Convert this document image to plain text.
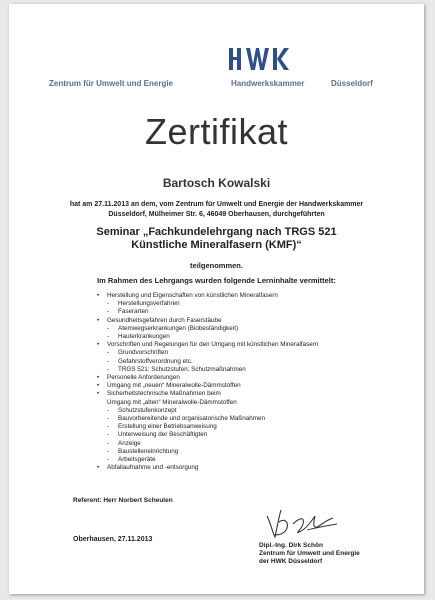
Zentrum für Umwelt und Energie	Handwerkskammer	Düsseldorf
Zertifikat
Bartosch Kowalski
hat am 27.11.2013 an dem, vom Zentrum für Umwelt und Energie der Handwerkskammer Düsseldorf, Mülheimer Str. 6, 46049 Oberhausen, durchgeführten
Seminar „Fachkundelehrgang nach TRGS 521
Künstliche Mineralfasern (KMF)“
teilgenommen.
Im Rahmen des Lehrgangs wurden folgende Lerninhalte vermittelt:
• Herstellung und Eigenschaften von künstlichen Mineralfasern
- Herstellungsverfahren
- Faserarten
• Gesundheitsgefahren durch Faserstäube
- Atemwegserkrankungen (Biobeständigkeit)
- Hauterkrankungen
• Vorschriften und Regelungen für den Umgang mit künstlichen Mineralfasern
- Grundvorschriften
- Gefahrstoffverordnung etc.
- TRGS 521: Schutzstufen; Schutzmaßnahmen
• Personelle Anforderungen
• Umgang mit „neuen“ Mineralwolle-Dämmstoffen
• Sicherheitstechnische Maßnahmen beim
Umgang mit „alten“ Mineralwolle-Dämmstoffen
- Schutzstufenkonzept
- Bauvorbereitende und organisatorische Maßnahmen
- Erstellung einer Betriebsanweisung
- Unterweisung der Beschäftigten
- Anzeige
- Baustelleneinrichtung
- Arbeitsgeräte
• Abfallaufnahme und -entsorgung
Referent: Herr Norbert Scheulen
Oberhausen, 27.11.2013
Dipl.-Ing. Dirk Schön
Zentrum für Umwelt und Energie
der HWK Düsseldorf
